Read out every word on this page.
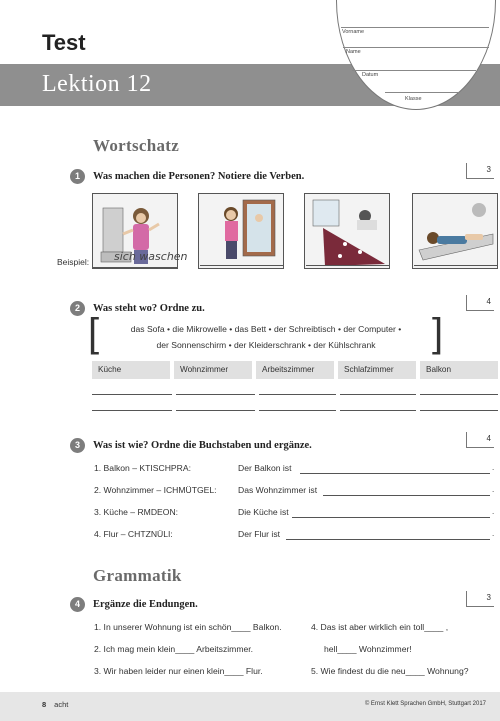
Test
Lektion 12
Vorname
Name
Datum
Klasse
Wortschatz
1	Was machen die Personen? Notiere die Verben.
3
Beispiel: sich waschen
2	Was steht wo? Ordne zu.
4
[	]
das Sofa • die Mikrowelle • das Bett • der Schreibtisch • der Computer •
der Sonnenschirm • der Kleiderschrank • der Kühlschrank
Küche	Wohnzimmer	Arbeitszimmer	Schlafzimmer	Balkon
3	Was ist wie? Ordne die Buchstaben und ergänze.
4
1. Balkon – KTISCHPRA:	Der Balkon ist	.
2. Wohnzimmer – ICHMÜTGEL: Das Wohnzimmer ist	.
3. Küche – RMDEON:	Die Küche ist	.
4. Flur – CHTZNÜLI:	Der Flur ist	.
Grammatik
4	Ergänze die Endungen.
3
1. In unserer Wohnung ist ein schön____ Balkon.
2. Ich mag mein klein____ Arbeitszimmer.
3. Wir haben leider nur einen klein____ Flur.
4. Das ist aber wirklich ein toll____ ,
hell____ Wohnzimmer!
5. Wie findest du die neu____ Wohnung?
8 acht	© Ernst Klett Sprachen GmbH, Stuttgart 2017
